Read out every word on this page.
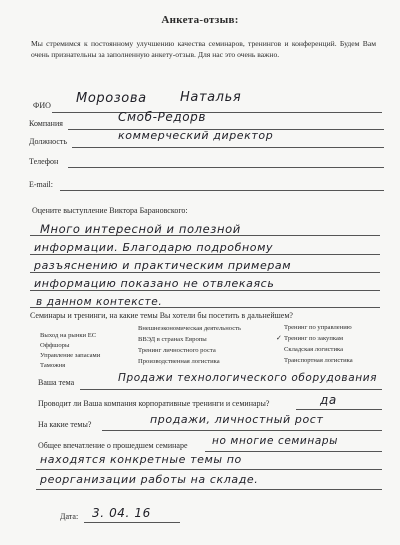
Анкета-отзыв:
Мы стремимся к постоянному улучшению качества семинаров, тренингов и конференций. Будем Вам очень признательны за заполненную анкету-отзыв. Для нас это очень важно.
ФИО Морозова	Наталья
Компания	Смоб-Редорв
Должность	коммерческий директор
Телефон
E-mail:
Оцените выступление Виктора Барановского:
Много интересной и полезной
информации. Благодарю подробному
разъяснению и практическим примерам
информацию показано не отвлекаясь
в данном контексте.
Семинары и тренинги, на какие темы Вы хотели бы посетить в дальнейшем?
Выход на рынки ЕС
Оффшоры
Управление запасами
Таможня
Внешнеэкономическая деятельность
ВВЭД в странах Европы
Тренинг личностного роста
Производственная логистика
Тренинг по управлению
✓ Тренинг по закупкам
Складская логистика
Транспортная логистика
Ваша тема	Продажи технологического оборудования
Проводит ли Ваша компания корпоративные тренинги и семинары?	да
На какие темы?	продажи, личностный рост
Общее впечатление о прошедшем семинаре но многие семинары
находятся конкретные темы по
реорганизации работы на складе.
Дата: 3. 04. 16
